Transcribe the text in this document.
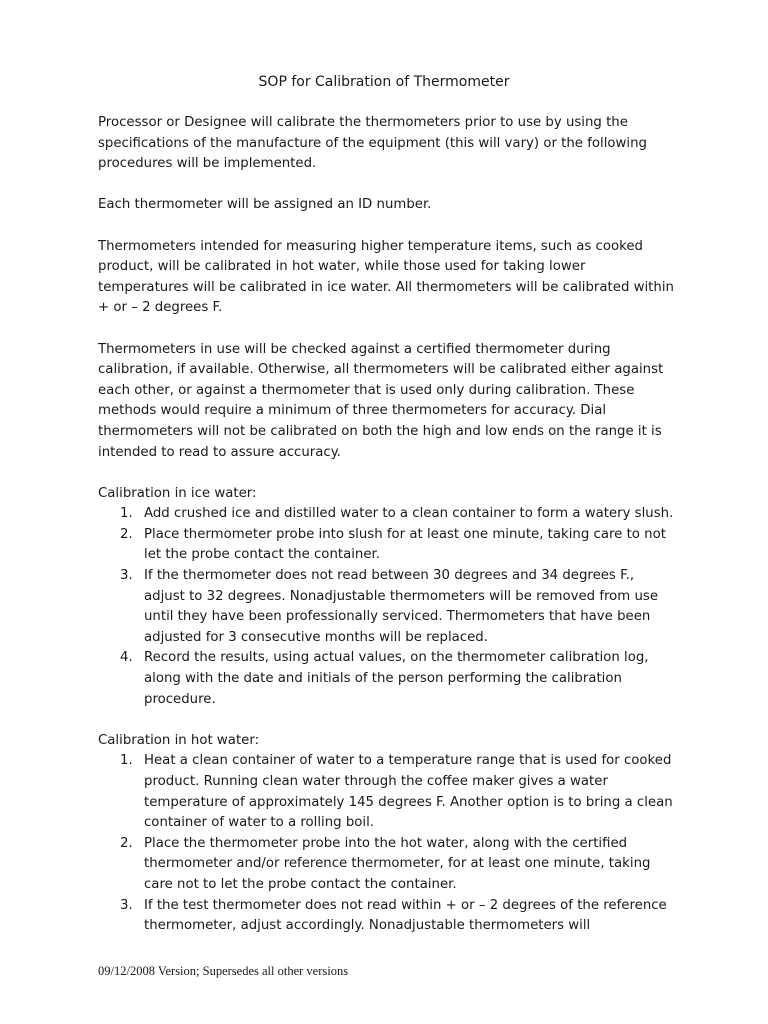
SOP for Calibration of Thermometer

Processor or Designee will calibrate the thermometers prior to use by using the specifications of the manufacture of the equipment (this will vary) or the following procedures will be implemented.

Each thermometer will be assigned an ID number.

Thermometers intended for measuring higher temperature items, such as cooked product, will be calibrated in hot water, while those used for taking lower temperatures will be calibrated in ice water. All thermometers will be calibrated within + or – 2 degrees F.

Thermometers in use will be checked against a certified thermometer during calibration, if available. Otherwise, all thermometers will be calibrated either against each other, or against a thermometer that is used only during calibration. These methods would require a minimum of three thermometers for accuracy. Dial thermometers will not be calibrated on both the high and low ends on the range it is intended to read to assure accuracy.

Calibration in ice water:

1. Add crushed ice and distilled water to a clean container to form a watery slush.
2. Place thermometer probe into slush for at least one minute, taking care to not let the probe contact the container.
3. If the thermometer does not read between 30 degrees and 34 degrees F., adjust to 32 degrees. Nonadjustable thermometers will be removed from use until they have been professionally serviced. Thermometers that have been adjusted for 3 consecutive months will be replaced.
4. Record the results, using actual values, on the thermometer calibration log, along with the date and initials of the person performing the calibration procedure.

Calibration in hot water:

1. Heat a clean container of water to a temperature range that is used for cooked product. Running clean water through the coffee maker gives a water temperature of approximately 145 degrees F. Another option is to bring a clean container of water to a rolling boil.
2. Place the thermometer probe into the hot water, along with the certified thermometer and/or reference thermometer, for at least one minute, taking care not to let the probe contact the container.
3. If the test thermometer does not read within + or – 2 degrees of the reference thermometer, adjust accordingly. Nonadjustable thermometers will
09/12/2008 Version; Supersedes all other versions
